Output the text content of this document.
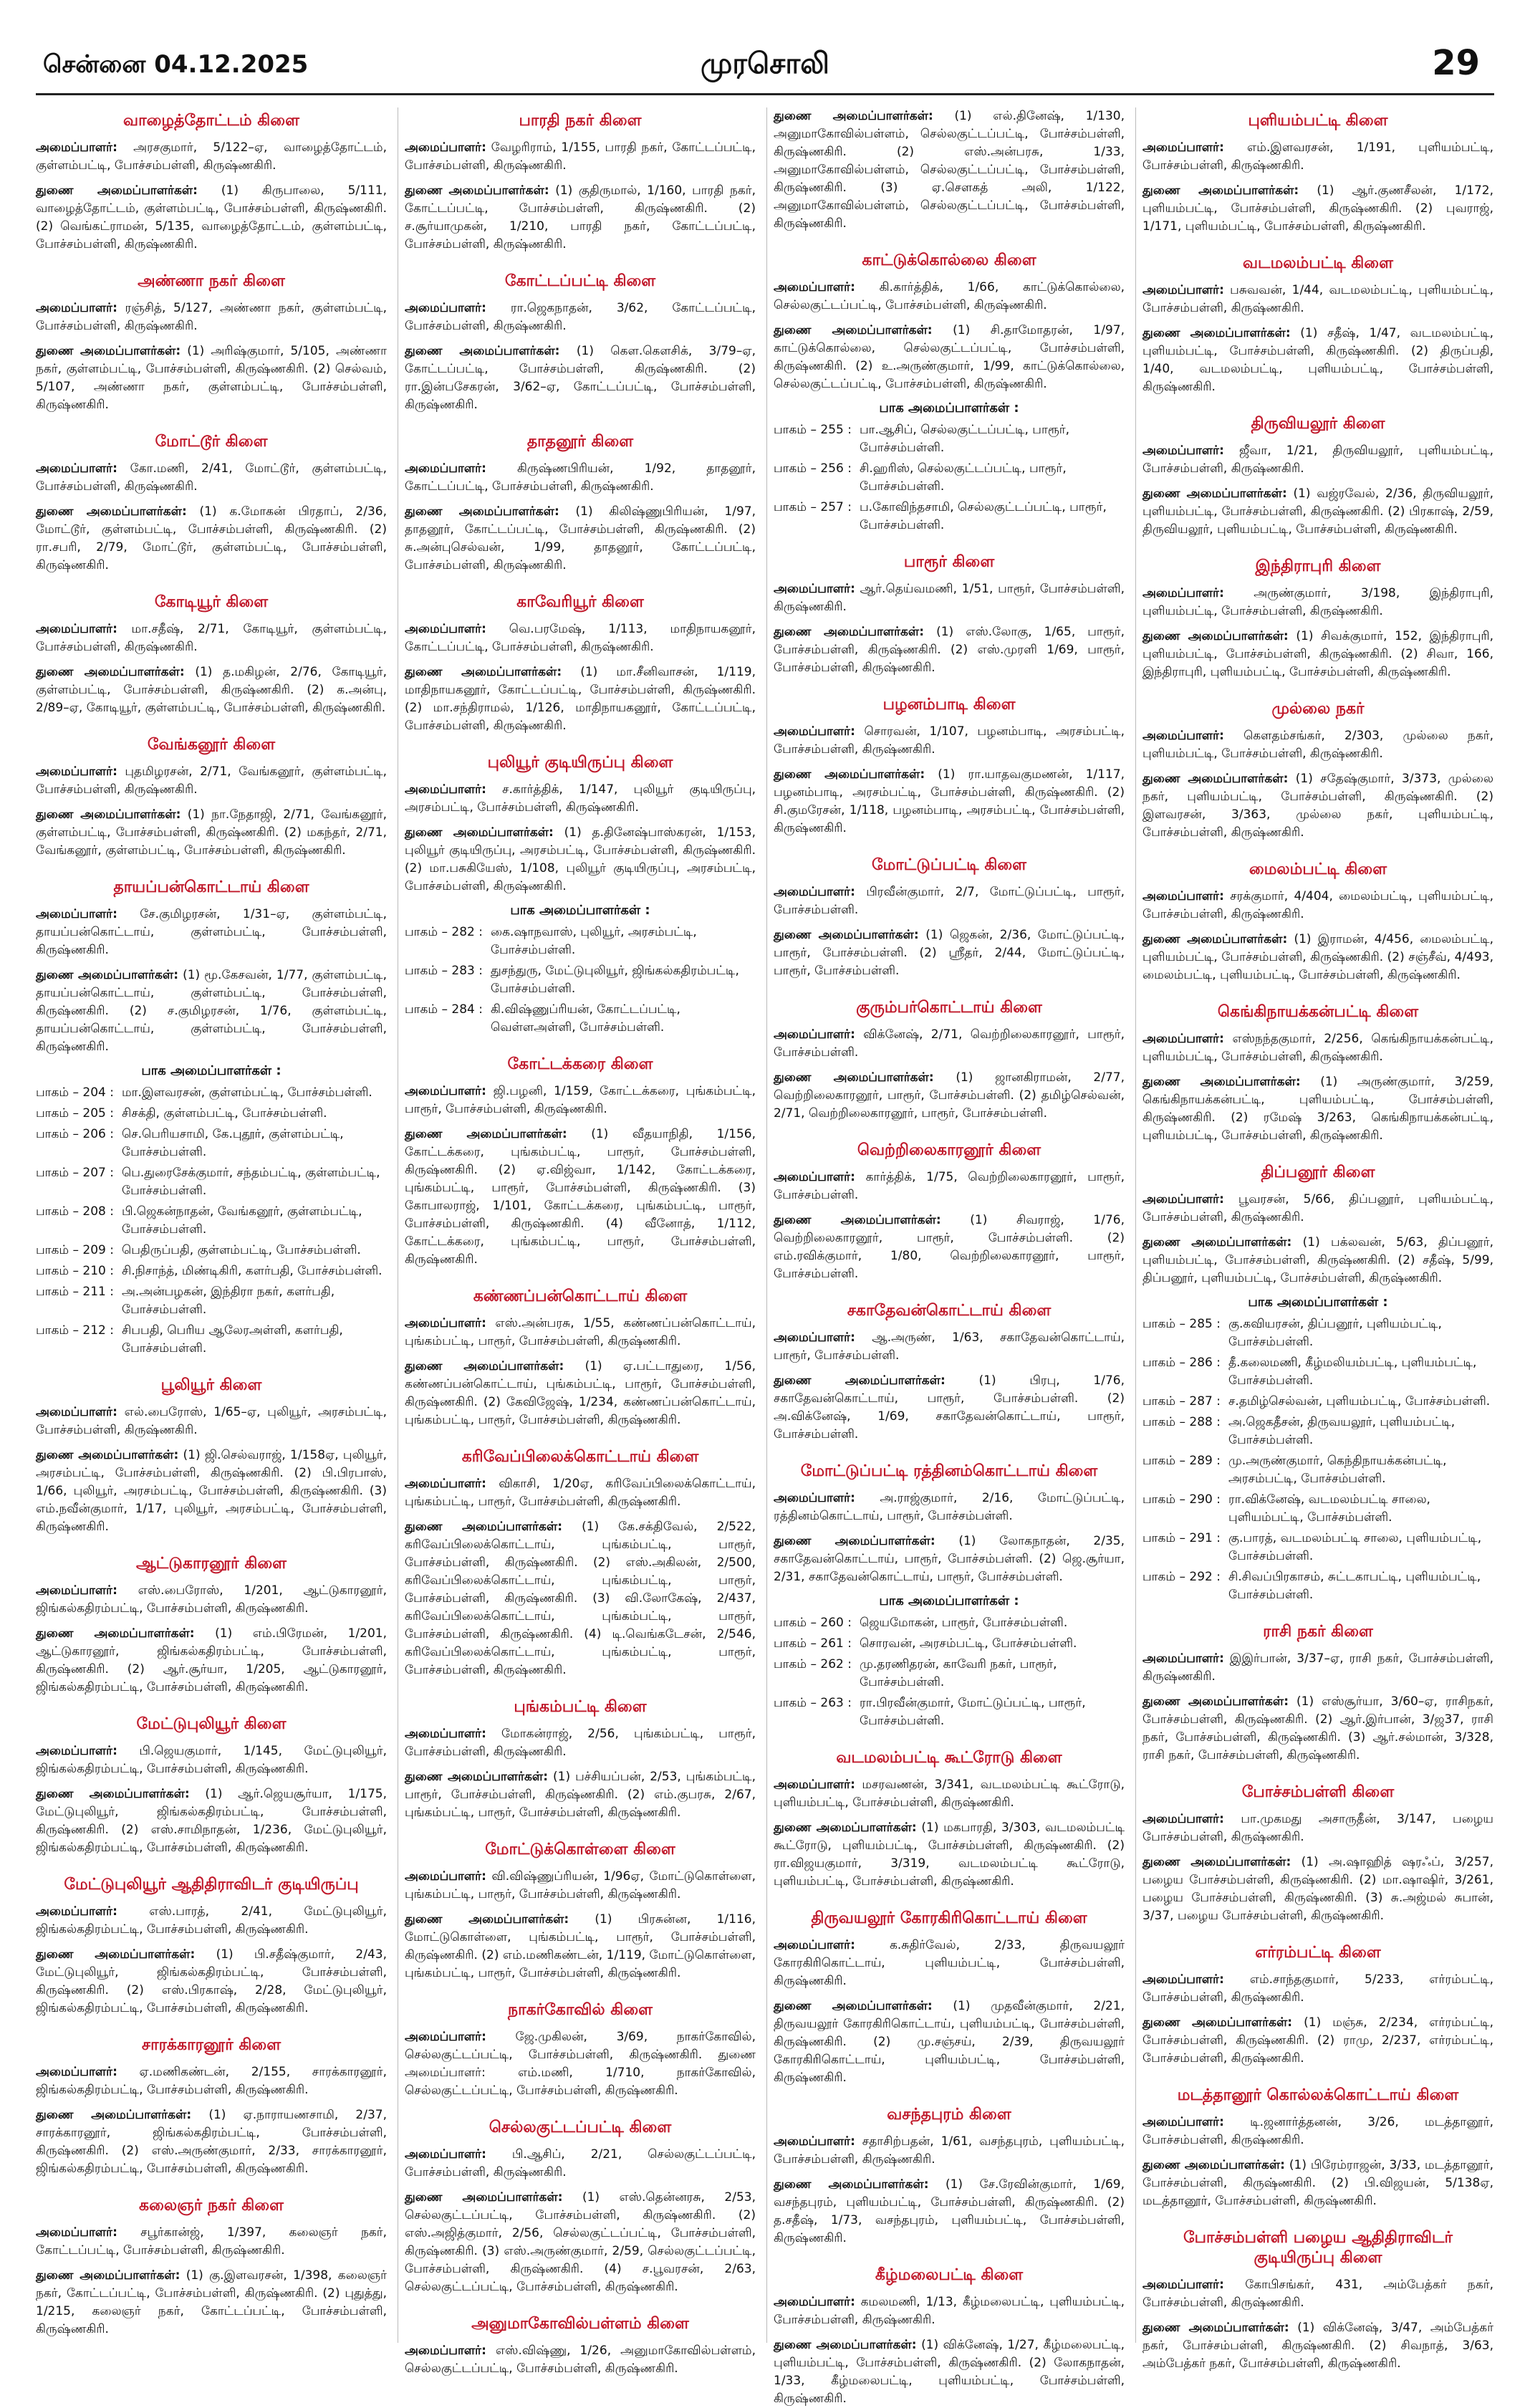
சென்னை 04.12.2025	முரசொலி	29
வாழைத்தோட்டம் கிளை

அமைப்பாளர்: அரசகுமார், 5/122–ஏ, வாழைத்தோட்டம், குள்ளம்பட்டி, போச்சம்பள்ளி, கிருஷ்ணகிரி.

துணை அமைப்பாளர்கள்: (1) கிருபாலை, 5/111, வாழைத்தோட்டம், குள்ளம்பட்டி, போச்சம்பள்ளி, கிருஷ்ணகிரி. (2) வெங்கட்ராமன், 5/135, வாழைத்தோட்டம், குள்ளம்பட்டி, போச்சம்பள்ளி, கிருஷ்ணகிரி.

அண்ணா நகர் கிளை

அமைப்பாளர்: ரஞ்சித், 5/127, அண்ணா நகர், குள்ளம்பட்டி, போச்சம்பள்ளி, கிருஷ்ணகிரி.

துணை அமைப்பாளர்கள்: (1) அரிஷ்குமார், 5/105, அண்ணா நகர், குள்ளம்பட்டி, போச்சம்பள்ளி, கிருஷ்ணகிரி. (2) செல்வம், 5/107, அண்ணா நகர், குள்ளம்பட்டி, போச்சம்பள்ளி, கிருஷ்ணகிரி.

மோட்டூர் கிளை

அமைப்பாளர்: கோ.மணி, 2/41, மோட்டூர், குள்ளம்பட்டி, போச்சம்பள்ளி, கிருஷ்ணகிரி.

துணை அமைப்பாளர்கள்: (1) க.மோகன் பிரதாப், 2/36, மோட்டூர், குள்ளம்பட்டி, போச்சம்பள்ளி, கிருஷ்ணகிரி. (2) ரா.சபரி, 2/79, மோட்டூர், குள்ளம்பட்டி, போச்சம்பள்ளி, கிருஷ்ணகிரி.

கோடியூர் கிளை

அமைப்பாளர்: மா.சதீஷ், 2/71, கோடியூர், குள்ளம்பட்டி, போச்சம்பள்ளி, கிருஷ்ணகிரி.

துணை அமைப்பாளர்கள்: (1) த.மகிழன், 2/76, கோடியூர், குள்ளம்பட்டி, போச்சம்பள்ளி, கிருஷ்ணகிரி. (2) க.அன்பு, 2/89–ஏ, கோடியூர், குள்ளம்பட்டி, போச்சம்பள்ளி, கிருஷ்ணகிரி.

வேங்கனூர் கிளை

அமைப்பாளர்: புதமிழரசன், 2/71, வேங்கனூர், குள்ளம்பட்டி, போச்சம்பள்ளி, கிருஷ்ணகிரி.

துணை அமைப்பாளர்கள்: (1) நா.நேதாஜி, 2/71, வேங்கனூர், குள்ளம்பட்டி, போச்சம்பள்ளி, கிருஷ்ணகிரி. (2) மகந்தர், 2/71, வேங்கனூர், குள்ளம்பட்டி, போச்சம்பள்ளி, கிருஷ்ணகிரி.

தாயப்பன்கொட்டாய் கிளை

அமைப்பாளர்: சே.குமிழரசன், 1/31–ஏ, குள்ளம்பட்டி, தாயப்பன்கொட்டாய், குள்ளம்பட்டி, போச்சம்பள்ளி, கிருஷ்ணகிரி.

துணை அமைப்பாளர்கள்: (1) மூ.கேசவன், 1/77, குள்ளம்பட்டி, தாயப்பன்கொட்டாய், குள்ளம்பட்டி, போச்சம்பள்ளி, கிருஷ்ணகிரி. (2) ச.குமிழரசன், 1/76, குள்ளம்பட்டி, தாயப்பன்கொட்டாய், குள்ளம்பட்டி, போச்சம்பள்ளி, கிருஷ்ணகிரி.

பாக அமைப்பாளர்கள் :
பாகம் – 204 : மா.இளவரசன், குள்ளம்பட்டி, போச்சம்பள்ளி.
பாகம் – 205 : சிசக்தி, குள்ளம்பட்டி, போச்சம்பள்ளி.
பாகம் – 206 : செ.பெரியசாமி, கே.புதூர், குள்ளம்பட்டி, போச்சம்பள்ளி.
பாகம் – 207 : பெ.துரைசேக்குமார், சந்தம்பட்டி, குள்ளம்பட்டி, போச்சம்பள்ளி.
பாகம் – 208 : பி.ஜெகன்நாதன், வேங்கனூர், குள்ளம்பட்டி, போச்சம்பள்ளி.
பாகம் – 209 : பெதிருப்பதி, குள்ளம்பட்டி, போச்சம்பள்ளி.
பாகம் – 210 : சி.நிசாந்த், மிண்டிகிரி, களர்பதி, போச்சம்பள்ளி.
பாகம் – 211 : அ.அன்பழகன், இந்திரா நகர், களர்பதி, போச்சம்பள்ளி.
பாகம் – 212 : சிபபதி, பெரிய ஆலேரஅள்ளி, களர்பதி, போச்சம்பள்ளி.
பூலியூர் கிளை

அமைப்பாளர்: எல்.பைரோஸ், 1/65–ஏ, புலியூர், அரசம்பட்டி, போச்சம்பள்ளி, கிருஷ்ணகிரி.

துணை அமைப்பாளர்கள்: (1) ஜி.செல்வராஜ், 1/158ஏ, புலியூர், அரசம்பட்டி, போச்சம்பள்ளி, கிருஷ்ணகிரி. (2) பி.பிரபாஸ், 1/66, புலியூர், அரசம்பட்டி, போச்சம்பள்ளி, கிருஷ்ணகிரி. (3) எம்.நவீன்குமார், 1/17, புலியூர், அரசம்பட்டி, போச்சம்பள்ளி, கிருஷ்ணகிரி.

ஆட்டுகாரனூர் கிளை

அமைப்பாளர்: எஸ்.பைரோஸ், 1/201, ஆட்டுகாரனூர், ஜிங்கல்கதிரம்பட்டி, போச்சம்பள்ளி, கிருஷ்ணகிரி.

துணை அமைப்பாளர்கள்: (1) எம்.பிரேமன், 1/201, ஆட்டுகாரனூர், ஜிங்கல்கதிரம்பட்டி, போச்சம்பள்ளி, கிருஷ்ணகிரி. (2) ஆர்.சூர்யா, 1/205, ஆட்டுகாரனூர், ஜிங்கல்கதிரம்பட்டி, போச்சம்பள்ளி, கிருஷ்ணகிரி.

மேட்டுபுலியூர் கிளை

அமைப்பாளர்: பி.ஜெயகுமார், 1/145, மேட்டுபுலியூர், ஜிங்கல்கதிரம்பட்டி, போச்சம்பள்ளி, கிருஷ்ணகிரி.

துணை அமைப்பாளர்கள்: (1) ஆர்.ஜெயசூர்யா, 1/175, மேட்டுபுலியூர், ஜிங்கல்கதிரம்பட்டி, போச்சம்பள்ளி, கிருஷ்ணகிரி. (2) எஸ்.சாமிநாதன், 1/236, மேட்டுபுலியூர், ஜிங்கல்கதிரம்பட்டி, போச்சம்பள்ளி, கிருஷ்ணகிரி.

மேட்டுபுலியூர் ஆதிதிராவிடர் குடியிருப்பு

அமைப்பாளர்:	எஸ்.பாரத், 2/41, மேட்டுபுலியூர், ஜிங்கல்கதிரம்பட்டி, போச்சம்பள்ளி, கிருஷ்ணகிரி.

துணை அமைப்பாளர்கள்: (1) பி.சதீஷ்குமார், 2/43, மேட்டுபுலியூர், ஜிங்கல்கதிரம்பட்டி, போச்சம்பள்ளி, கிருஷ்ணகிரி. (2) எஸ்.பிரகாஷ், 2/28, மேட்டுபுலியூர், ஜிங்கல்கதிரம்பட்டி, போச்சம்பள்ளி, கிருஷ்ணகிரி.

சாரக்காரனூர் கிளை

அமைப்பாளர்: ஏ.மணிகண்டன், 2/155, சாரக்காரனூர், ஜிங்கல்கதிரம்பட்டி, போச்சம்பள்ளி, கிருஷ்ணகிரி.

துணை அமைப்பாளர்கள்: (1) ஏ.நாராயணசாமி, 2/37, சாரக்காரனூர், ஜிங்கல்கதிரம்பட்டி, போச்சம்பள்ளி, கிருஷ்ணகிரி. (2) எஸ்.அருண்குமார், 2/33, சாரக்காரனூர், ஜிங்கல்கதிரம்பட்டி, போச்சம்பள்ளி, கிருஷ்ணகிரி.

கலைஞர் நகர் கிளை

அமைப்பாளர்: சபூர்கான்ஜ், 1/397, கலைஞர் நகர், கோட்டப்பட்டி, போச்சம்பள்ளி, கிருஷ்ணகிரி.

துணை அமைப்பாளர்கள்: (1) கு.இளவரசன், 1/398, கலைஞர் நகர், கோட்டப்பட்டி, போச்சம்பள்ளி, கிருஷ்ணகிரி. (2) புதுத்து, 1/215, கலைஞர் நகர், கோட்டப்பட்டி, போச்சம்பள்ளி, கிருஷ்ணகிரி.

பாரதி நகர் கிளை

அமைப்பாளர்: வேழரிராம், 1/155, பாரதி நகர், கோட்டப்பட்டி, போச்சம்பள்ளி, கிருஷ்ணகிரி.

துணை அமைப்பாளர்கள்: (1) குதிருமால், 1/160, பாரதி நகர், கோட்டப்பட்டி, போச்சம்பள்ளி, கிருஷ்ணகிரி. (2) ச.சூர்யாமுகன், 1/210, பாரதி நகர், கோட்டப்பட்டி, போச்சம்பள்ளி, கிருஷ்ணகிரி.

கோட்டப்பட்டி கிளை

அமைப்பாளர்: ரா.ஜெகநாதன், 3/62, கோட்டப்பட்டி, போச்சம்பள்ளி, கிருஷ்ணகிரி.

துணை அமைப்பாளர்கள்: (1) கௌ.கௌசிக், 3/79–ஏ, கோட்டப்பட்டி, போச்சம்பள்ளி, கிருஷ்ணகிரி. (2) ரா.இன்பசேகரன், 3/62–ஏ, கோட்டப்பட்டி, போச்சம்பள்ளி, கிருஷ்ணகிரி.

தாதனூர் கிளை

அமைப்பாளர்:	கிருஷ்ணபிரியன், 1/92, தாதனூர், கோட்டப்பட்டி, போச்சம்பள்ளி, கிருஷ்ணகிரி.

துணை அமைப்பாளர்கள்: (1) கிலிஷ்ணுபிரியன், 1/97, தாதனூர், கோட்டப்பட்டி, போச்சம்பள்ளி, கிருஷ்ணகிரி. (2) சு.அன்புசெல்வன், 1/99, தாதனூர், கோட்டப்பட்டி, போச்சம்பள்ளி, கிருஷ்ணகிரி.

காவேரியூர் கிளை

அமைப்பாளர்: வெ.பரமேஷ், 1/113, மாதிநாயகனூர், கோட்டப்பட்டி, போச்சம்பள்ளி, கிருஷ்ணகிரி.

துணை அமைப்பாளர்கள்: (1) மா.சீனிவாசன், 1/119, மாதிநாயகனூர், கோட்டப்பட்டி, போச்சம்பள்ளி, கிருஷ்ணகிரி. (2) மா.சந்திராமல், 1/126, மாதிநாயகனூர், கோட்டப்பட்டி, போச்சம்பள்ளி, கிருஷ்ணகிரி.

புலியூர் குடியிருப்பு கிளை

அமைப்பாளர்: ச.கார்த்திக், 1/147, புலியூர் குடியிருப்பு, அரசம்பட்டி, போச்சம்பள்ளி, கிருஷ்ணகிரி.

துணை அமைப்பாளர்கள்: (1) த.தினேஷ்பாஸ்கரன், 1/153, புலியூர் குடியிருப்பு, அரசம்பட்டி, போச்சம்பள்ளி, கிருஷ்ணகிரி. (2) மா.பசுகியேஸ், 1/108, புலியூர் குடியிருப்பு, அரசம்பட்டி, போச்சம்பள்ளி, கிருஷ்ணகிரி.

பாக அமைப்பாளர்கள் :
பாகம் – 282 : கை.ஷாநவாஸ், புலியூர், அரசம்பட்டி, போச்சம்பள்ளி.
பாகம் – 283 : துசந்துரு, மேட்டுபுலியூர், ஜிங்கல்கதிரம்பட்டி, போச்சம்பள்ளி.
பாகம் – 284 : கி.விஷ்ணுப்ரியன், கோட்டப்பட்டி, வெள்ளஅள்ளி, போச்சம்பள்ளி.
கோட்டக்கரை கிளை

அமைப்பாளர்: ஜி.பழனி, 1/159, கோட்டக்கரை, புங்கம்பட்டி, பாரூர், போச்சம்பள்ளி, கிருஷ்ணகிரி.

துணை அமைப்பாளர்கள்: (1) வீதயாநிதி, 1/156, கோட்டக்கரை, புங்கம்பட்டி, பாரூர், போச்சம்பள்ளி, கிருஷ்ணகிரி. (2) ஏ.விஜ்வா, 1/142, கோட்டக்கரை, புங்கம்பட்டி, பாரூர், போச்சம்பள்ளி, கிருஷ்ணகிரி. (3) கோபாலராஜ், 1/101, கோட்டக்கரை, புங்கம்பட்டி, பாரூர், போச்சம்பள்ளி, கிருஷ்ணகிரி. (4) வீனோத், 1/112, கோட்டக்கரை, புங்கம்பட்டி, பாரூர், போச்சம்பள்ளி, கிருஷ்ணகிரி.

கண்ணப்பன்கொட்டாய் கிளை

அமைப்பாளர்: எஸ்.அன்பரசு, 1/55, கண்ணப்பன்கொட்டாய், புங்கம்பட்டி, பாரூர், போச்சம்பள்ளி, கிருஷ்ணகிரி.

துணை அமைப்பாளர்கள்: (1) ஏ.பட்டாதுரை, 1/56, கண்ணப்பன்கொட்டாய், புங்கம்பட்டி, பாரூர், போச்சம்பள்ளி, கிருஷ்ணகிரி. (2) கேவிஜேஷ், 1/234, கண்ணப்பன்கொட்டாய், புங்கம்பட்டி, பாரூர், போச்சம்பள்ளி, கிருஷ்ணகிரி.

கரிவேப்பிலைக்கொட்டாய் கிளை

அமைப்பாளர்: விகாசி, 1/20ஏ, கரிவேப்பிலைக்கொட்டாய், புங்கம்பட்டி, பாரூர், போச்சம்பள்ளி, கிருஷ்ணகிரி.

துணை அமைப்பாளர்கள்: (1) கே.சக்திவேல், 2/522, கரிவேப்பிலைக்கொட்டாய், புங்கம்பட்டி, பாரூர், போச்சம்பள்ளி, கிருஷ்ணகிரி. (2) எஸ்.அகிலன், 2/500, கரிவேப்பிலைக்கொட்டாய், புங்கம்பட்டி, பாரூர், போச்சம்பள்ளி, கிருஷ்ணகிரி. (3) வி.லோகேஷ், 2/437, கரிவேப்பிலைக்கொட்டாய், புங்கம்பட்டி, பாரூர், போச்சம்பள்ளி, கிருஷ்ணகிரி. (4) டி.வெங்கடேசன், 2/546, கரிவேப்பிலைக்கொட்டாய், புங்கம்பட்டி, பாரூர், போச்சம்பள்ளி, கிருஷ்ணகிரி.

புங்கம்பட்டி கிளை

அமைப்பாளர்: மோகன்ராஜ், 2/56, புங்கம்பட்டி, பாரூர், போச்சம்பள்ளி, கிருஷ்ணகிரி.

துணை அமைப்பாளர்கள்: (1) பச்சியப்பன், 2/53, புங்கம்பட்டி, பாரூர், போச்சம்பள்ளி, கிருஷ்ணகிரி. (2) எம்.குபரசு, 2/67, புங்கம்பட்டி, பாரூர், போச்சம்பள்ளி, கிருஷ்ணகிரி.

மோட்டுக்கொள்ளை கிளை

அமைப்பாளர்: வி.விஷ்ணுப்ரியன், 1/96ஏ, மோட்டுகொள்ளை, புங்கம்பட்டி, பாரூர், போச்சம்பள்ளி, கிருஷ்ணகிரி.

துணை அமைப்பாளர்கள்: (1) பிரசுன்ன, 1/116, மோட்டுகொள்ளை, புங்கம்பட்டி, பாரூர், போச்சம்பள்ளி, கிருஷ்ணகிரி. (2) எம்.மணிகண்டன், 1/119, மோட்டுகொள்ளை, புங்கம்பட்டி, பாரூர், போச்சம்பள்ளி, கிருஷ்ணகிரி.

நாகர்கோவில் கிளை

அமைப்பாளர்: ஜே.முகிலன், 3/69, நாகர்கோவில், செல்லகுட்டப்பட்டி, போச்சம்பள்ளி, கிருஷ்ணகிரி. துணை அமைப்பாளர்: எம்.மணி, 1/710, நாகர்கோவில், செல்லகுட்டப்பட்டி, போச்சம்பள்ளி, கிருஷ்ணகிரி.

செல்லகுட்டப்பட்டி கிளை

அமைப்பாளர்: பி.ஆசிப், 2/21, செல்லகுட்டப்பட்டி, போச்சம்பள்ளி, கிருஷ்ணகிரி.

துணை அமைப்பாளர்கள்: (1) எஸ்.தென்னரசு, 2/53, செல்லகுட்டப்பட்டி, போச்சம்பள்ளி, கிருஷ்ணகிரி. (2) எஸ்.அஜித்குமார், 2/56, செல்லகுட்டப்பட்டி, போச்சம்பள்ளி, கிருஷ்ணகிரி. (3) எஸ்.அருண்குமார், 2/59, செல்லகுட்டப்பட்டி, போச்சம்பள்ளி, கிருஷ்ணகிரி. (4) ச.பூவரசன், 2/63, செல்லகுட்டப்பட்டி, போச்சம்பள்ளி, கிருஷ்ணகிரி.

அனுமாகோவில்பள்ளம் கிளை

அமைப்பாளர்: எஸ்.விஷ்ணு, 1/26, அனுமாகோவில்பள்ளம், செல்லகுட்டப்பட்டி, போச்சம்பள்ளி, கிருஷ்ணகிரி.

துணை அமைப்பாளர்கள்: (1) எல்.தினேஷ், 1/130, அனுமாகோவில்பள்ளம், செல்லகுட்டப்பட்டி, போச்சம்பள்ளி, கிருஷ்ணகிரி. (2) எஸ்.அன்பரசு, 1/33, அனுமாகோவில்பள்ளம், செல்லகுட்டப்பட்டி, போச்சம்பள்ளி, கிருஷ்ணகிரி. (3) ஏ.செளகத் அலி, 1/122, அனுமாகோவில்பள்ளம், செல்லகுட்டப்பட்டி, போச்சம்பள்ளி, கிருஷ்ணகிரி.

காட்டுக்கொல்லை கிளை

அமைப்பாளர்: கி.கார்த்திக், 1/66, காட்டுக்கொல்லை, செல்லகுட்டப்பட்டி, போச்சம்பள்ளி, கிருஷ்ணகிரி.

துணை அமைப்பாளர்கள்: (1) சி.தாமோதரன், 1/97, காட்டுக்கொல்லை, செல்லகுட்டப்பட்டி, போச்சம்பள்ளி, கிருஷ்ணகிரி. (2) உ.அருண்குமார், 1/99, காட்டுக்கொல்லை, செல்லகுட்டப்பட்டி, போச்சம்பள்ளி, கிருஷ்ணகிரி.

பாக அமைப்பாளர்கள் :
பாகம் – 255 : பா.ஆசிப், செல்லகுட்டப்பட்டி, பாரூர், போச்சம்பள்ளி.
பாகம் – 256 : சி.ஹரிஸ், செல்லகுட்டப்பட்டி, பாரூர், போச்சம்பள்ளி.
பாகம் – 257 : ப.கோவிந்தசாமி, செல்லகுட்டப்பட்டி, பாரூர், போச்சம்பள்ளி.
பாரூர் கிளை

அமைப்பாளர்: ஆர்.தெய்வமணி, 1/51, பாரூர், போச்சம்பள்ளி, கிருஷ்ணகிரி.

துணை அமைப்பாளர்கள்: (1) எஸ்.லோகு, 1/65, பாரூர், போச்சம்பள்ளி, கிருஷ்ணகிரி. (2) எஸ்.முரளி 1/69, பாரூர், போச்சம்பள்ளி, கிருஷ்ணகிரி.

பழனம்பாடி கிளை

அமைப்பாளர்: சொரவன், 1/107, பழனம்பாடி, அரசம்பட்டி, போச்சம்பள்ளி, கிருஷ்ணகிரி.

துணை அமைப்பாளர்கள்: (1) ரா.யாதவகுமணன், 1/117, பழனம்பாடி, அரசம்பட்டி, போச்சம்பள்ளி, கிருஷ்ணகிரி. (2) சி.குமரேசன், 1/118, பழனம்பாடி, அரசம்பட்டி, போச்சம்பள்ளி, கிருஷ்ணகிரி.

மோட்டுப்பட்டி கிளை

அமைப்பாளர்: பிரவீன்குமார், 2/7, மோட்டுப்பட்டி, பாரூர், போச்சம்பள்ளி.

துணை அமைப்பாளர்கள்: (1) ஜெகன், 2/36, மோட்டுப்பட்டி, பாரூர், போச்சம்பள்ளி. (2) ஸ்ரீதர், 2/44, மோட்டுப்பட்டி, பாரூர், போச்சம்பள்ளி.

குரும்பர்கொட்டாய் கிளை

அமைப்பாளர்: விக்னேஷ், 2/71, வெற்றிலைகாரனூர், பாரூர், போச்சம்பள்ளி.

துணை அமைப்பாளர்கள்: (1) ஜானகிராமன், 2/77, வெற்றிலைகாரனூர், பாரூர், போச்சம்பள்ளி. (2) தமிழ்செல்வன், 2/71, வெற்றிலைகாரனூர், பாரூர், போச்சம்பள்ளி.

வெற்றிலைகாரனூர் கிளை

அமைப்பாளர்: கார்த்திக், 1/75, வெற்றிலைகாரனூர், பாரூர், போச்சம்பள்ளி.

துணை அமைப்பாளர்கள்: (1) சிவராஜ், 1/76, வெற்றிலைகாரனூர், பாரூர், போச்சம்பள்ளி. (2) எம்.ரவிக்குமார், 1/80, வெற்றிலைகாரனூர், பாரூர், போச்சம்பள்ளி.

சகாதேவன்கொட்டாய் கிளை

அமைப்பாளர்: ஆ.அருண், 1/63, சகாதேவன்கொட்டாய், பாரூர், போச்சம்பள்ளி.

துணை அமைப்பாளர்கள்:	(1) பிரபு, 1/76, சகாதேவன்கொட்டாய், பாரூர், போச்சம்பள்ளி. (2) அ.விக்னேஷ், 1/69, சகாதேவன்கொட்டாய், பாரூர், போச்சம்பள்ளி.

மோட்டுப்பட்டி ரத்தினம்கொட்டாய் கிளை

அமைப்பாளர்: அ.ராஜ்குமார், 2/16, மோட்டுப்பட்டி, ரத்தினம்கொட்டாய், பாரூர், போச்சம்பள்ளி.

துணை அமைப்பாளர்கள்: (1) லோகநாதன், 2/35, சகாதேவன்கொட்டாய், பாரூர், போச்சம்பள்ளி. (2) ஜெ.சூர்யா, 2/31, சகாதேவன்கொட்டாய், பாரூர், போச்சம்பள்ளி.

பாக அமைப்பாளர்கள் :
பாகம் – 260 : ஜெயமோகன், பாரூர், போச்சம்பள்ளி.
பாகம் – 261 : சொரவன், அரசம்பட்டி, போச்சம்பள்ளி.
பாகம் – 262 : மு.தரணிதரன், காவேரி நகர், பாரூர், போச்சம்பள்ளி.
பாகம் – 263 : ரா.பிரவீன்குமார், மோட்டுப்பட்டி, பாரூர், போச்சம்பள்ளி.
வடமலம்பட்டி கூட்ரோடு கிளை

அமைப்பாளர்: மசரவணன், 3/341, வடமலம்பட்டி கூட்ரோடு, புளியம்பட்டி, போச்சம்பள்ளி, கிருஷ்ணகிரி.

துணை அமைப்பாளர்கள்: (1) மகபாரதி, 3/303, வடமலம்பட்டி கூட்ரோடு, புளியம்பட்டி, போச்சம்பள்ளி, கிருஷ்ணகிரி. (2) ரா.விஜயகுமார், 3/319, வடமலம்பட்டி கூட்ரோடு, புளியம்பட்டி, போச்சம்பள்ளி, கிருஷ்ணகிரி.

திருவயலூர் கோரகிரிகொட்டாய் கிளை

அமைப்பாளர்:	க.சுதிர்வேல், 2/33, திருவயலூர் கோரகிரிகொட்டாய், புளியம்பட்டி, போச்சம்பள்ளி, கிருஷ்ணகிரி.

துணை அமைப்பாளர்கள்: (1) முதவீன்குமார், 2/21, திருவயலூர் கோரகிரிகொட்டாய், புளியம்பட்டி, போச்சம்பள்ளி, கிருஷ்ணகிரி. (2) மு.சஞ்சய், 2/39, திருவயலூர் கோரகிரிகொட்டாய், புளியம்பட்டி, போச்சம்பள்ளி, கிருஷ்ணகிரி.

வசந்தபுரம் கிளை

அமைப்பாளர்: சதாசிற்பதன், 1/61, வசந்தபுரம், புளியம்பட்டி, போச்சம்பள்ளி, கிருஷ்ணகிரி.

துணை அமைப்பாளர்கள்: (1) சே.ரேவின்குமார், 1/69, வசந்தபுரம், புளியம்பட்டி, போச்சம்பள்ளி, கிருஷ்ணகிரி. (2) த.சதீஷ், 1/73, வசந்தபுரம், புளியம்பட்டி, போச்சம்பள்ளி, கிருஷ்ணகிரி.

கீழ்மலைபட்டி கிளை

அமைப்பாளர்: கமலமணி, 1/13, கீழ்மலைபட்டி, புளியம்பட்டி, போச்சம்பள்ளி, கிருஷ்ணகிரி.

துணை அமைப்பாளர்கள்: (1) விக்னேஷ், 1/27, கீழ்மலைபட்டி, புளியம்பட்டி, போச்சம்பள்ளி, கிருஷ்ணகிரி. (2) லோகநாதன், 1/33, கீழ்மலைபட்டி, புளியம்பட்டி, போச்சம்பள்ளி, கிருஷ்ணகிரி.

புளியம்பட்டி கிளை

அமைப்பாளர்: எம்.இளவரசன், 1/191, புளியம்பட்டி, போச்சம்பள்ளி, கிருஷ்ணகிரி.

துணை அமைப்பாளர்கள்: (1) ஆர்.குணசீலன், 1/172, புளியம்பட்டி, போச்சம்பள்ளி, கிருஷ்ணகிரி. (2) புவராஜ், 1/171, புளியம்பட்டி, போச்சம்பள்ளி, கிருஷ்ணகிரி.

வடமலம்பட்டி கிளை

அமைப்பாளர்: பசுவவன், 1/44, வடமலம்பட்டி, புளியம்பட்டி, போச்சம்பள்ளி, கிருஷ்ணகிரி.

துணை அமைப்பாளர்கள்: (1) சதீஷ், 1/47, வடமலம்பட்டி, புளியம்பட்டி, போச்சம்பள்ளி, கிருஷ்ணகிரி. (2) திருப்பதி, 1/40, வடமலம்பட்டி, புளியம்பட்டி, போச்சம்பள்ளி, கிருஷ்ணகிரி.

திருவியலூர் கிளை

அமைப்பாளர்: ஜீவா, 1/21, திருவியலூர், புளியம்பட்டி, போச்சம்பள்ளி, கிருஷ்ணகிரி.

துணை அமைப்பாளர்கள்: (1) வஜ்ரவேல், 2/36, திருவியலூர், புளியம்பட்டி, போச்சம்பள்ளி, கிருஷ்ணகிரி. (2) பிரகாஷ், 2/59, திருவியலூர், புளியம்பட்டி, போச்சம்பள்ளி, கிருஷ்ணகிரி.

இந்திராபுரி கிளை

அமைப்பாளர்: அருண்குமார், 3/198, இந்திராபுரி, புளியம்பட்டி, போச்சம்பள்ளி, கிருஷ்ணகிரி.

துணை அமைப்பாளர்கள்: (1) சிவக்குமார், 152, இந்திராபுரி, புளியம்பட்டி, போச்சம்பள்ளி, கிருஷ்ணகிரி. (2) சிவா, 166, இந்திராபுரி, புளியம்பட்டி, போச்சம்பள்ளி, கிருஷ்ணகிரி.

முல்லை நகர்

அமைப்பாளர்: கௌதம்சங்கர், 2/303, முல்லை நகர், புளியம்பட்டி, போச்சம்பள்ளி, கிருஷ்ணகிரி.

துணை அமைப்பாளர்கள்: (1) சதேஷ்குமார், 3/373, முல்லை நகர், புளியம்பட்டி, போச்சம்பள்ளி, கிருஷ்ணகிரி. (2) இளவரசன், 3/363, முல்லை நகர், புளியம்பட்டி, போச்சம்பள்ளி, கிருஷ்ணகிரி.

மைலம்பட்டி கிளை

அமைப்பாளர்: சரக்குமார், 4/404, மைலம்பட்டி, புளியம்பட்டி, போச்சம்பள்ளி, கிருஷ்ணகிரி.

துணை அமைப்பாளர்கள்: (1) இராமன், 4/456, மைலம்பட்டி, புளியம்பட்டி, போச்சம்பள்ளி, கிருஷ்ணகிரி. (2) சஞ்சீவ், 4/493, மைலம்பட்டி, புளியம்பட்டி, போச்சம்பள்ளி, கிருஷ்ணகிரி.

கெங்கிநாயக்கன்பட்டி கிளை

அமைப்பாளர்: எஸ்நந்தகுமார், 2/256, கெங்கிநாயக்கன்பட்டி, புளியம்பட்டி, போச்சம்பள்ளி, கிருஷ்ணகிரி.

துணை அமைப்பாளர்கள்: (1) அருண்குமார், 3/259, கெங்கிநாயக்கன்பட்டி, புளியம்பட்டி, போச்சம்பள்ளி, கிருஷ்ணகிரி. (2) ரமேஷ் 3/263, கெங்கிநாயக்கன்பட்டி, புளியம்பட்டி, போச்சம்பள்ளி, கிருஷ்ணகிரி.

திப்பனூர் கிளை

அமைப்பாளர்: பூவரசன், 5/66, திப்பனூர், புளியம்பட்டி, போச்சம்பள்ளி, கிருஷ்ணகிரி.

துணை அமைப்பாளர்கள்: (1) பக்லவன், 5/63, திப்பனூர், புளியம்பட்டி, போச்சம்பள்ளி, கிருஷ்ணகிரி. (2) சதீஷ், 5/99, திப்பனூர், புளியம்பட்டி, போச்சம்பள்ளி, கிருஷ்ணகிரி.

பாக அமைப்பாளர்கள் :
பாகம் – 285 : கு.கவியரசன், திப்பனூர், புளியம்பட்டி, போச்சம்பள்ளி.
பாகம் – 286 : தீ.கலைமணி, கீழ்மலியம்பட்டி, புளியம்பட்டி, போச்சம்பள்ளி.
பாகம் – 287 : ச.தமிழ்செல்வன், புளியம்பட்டி, போச்சம்பள்ளி.
பாகம் – 288 : அ.ஜெகதீசன், திருவயலூர், புளியம்பட்டி, போச்சம்பள்ளி.
பாகம் – 289 : மு.அருண்குமார், கெந்திநாயக்கன்பட்டி, அரசம்பட்டி, போச்சம்பள்ளி.
பாகம் – 290 : ரா.விக்னேஷ், வடமலம்பட்டி சாலை, புளியம்பட்டி, போச்சம்பள்ளி.
பாகம் – 291 : கு.பாரத், வடமலம்பட்டி சாலை, புளியம்பட்டி, போச்சம்பள்ளி.
பாகம் – 292 : சி.சிவப்பிரகாசம், சுட்டகாபட்டி, புளியம்பட்டி, போச்சம்பள்ளி.
ராசி நகர் கிளை

அமைப்பாளர்: இஇர்பான், 3/37–ஏ, ராசி நகர், போச்சம்பள்ளி, கிருஷ்ணகிரி.

துணை அமைப்பாளர்கள்: (1) எஸ்சூர்யா, 3/60–ஏ, ராசிநகர், போச்சம்பள்ளி, கிருஷ்ணகிரி. (2) ஆர்.இர்பான், 3/ஜ37, ராசி நகர், போச்சம்பள்ளி, கிருஷ்ணகிரி. (3) ஆர்.சல்மான், 3/328, ராசி நகர், போச்சம்பள்ளி, கிருஷ்ணகிரி.

போச்சம்பள்ளி கிளை

அமைப்பாளர்: பா.முகமது அசாருதீன், 3/147, பழைய போச்சம்பள்ளி, கிருஷ்ணகிரி.

துணை அமைப்பாளர்கள்: (1) அ.ஷாஹித் ஷரஃப், 3/257, பழைய போச்சம்பள்ளி, கிருஷ்ணகிரி. (2) மா.ஷாஷிர், 3/261, பழைய போச்சம்பள்ளி, கிருஷ்ணகிரி. (3) சு.அஜ்மல் சுபான், 3/37, பழைய போச்சம்பள்ளி, கிருஷ்ணகிரி.

எர்ரம்பட்டி கிளை

அமைப்பாளர்: எம்.சாந்தகுமார், 5/233, எர்ரம்பட்டி, போச்சம்பள்ளி, கிருஷ்ணகிரி.

துணை அமைப்பாளர்கள்: (1) மஞ்சு, 2/234, எர்ரம்பட்டி, போச்சம்பள்ளி, கிருஷ்ணகிரி. (2) ராமு, 2/237, எர்ரம்பட்டி, போச்சம்பள்ளி, கிருஷ்ணகிரி.

மடத்தானூர் கொல்லக்கொட்டாய் கிளை

அமைப்பாளர்: டி.ஜனார்த்தனன், 3/26, மடத்தானூர், போச்சம்பள்ளி, கிருஷ்ணகிரி.

துணை அமைப்பாளர்கள்: (1) பிரேம்ராஜன், 3/33, மடத்தானூர், போச்சம்பள்ளி, கிருஷ்ணகிரி. (2) பி.விஜயன், 5/138ஏ, மடத்தானூர், போச்சம்பள்ளி, கிருஷ்ணகிரி.

போச்சம்பள்ளி பழைய ஆதிதிராவிடர் குடியிருப்பு கிளை

அமைப்பாளர்: கோபிசங்கர், 431, அம்பேத்கர் நகர், போச்சம்பள்ளி, கிருஷ்ணகிரி.

துணை அமைப்பாளர்கள்: (1) விக்னேஷ், 3/47, அம்பேத்கர் நகர், போச்சம்பள்ளி, கிருஷ்ணகிரி. (2) சிவநாத், 3/63, அம்பேத்கர் நகர், போச்சம்பள்ளி, கிருஷ்ணகிரி.
